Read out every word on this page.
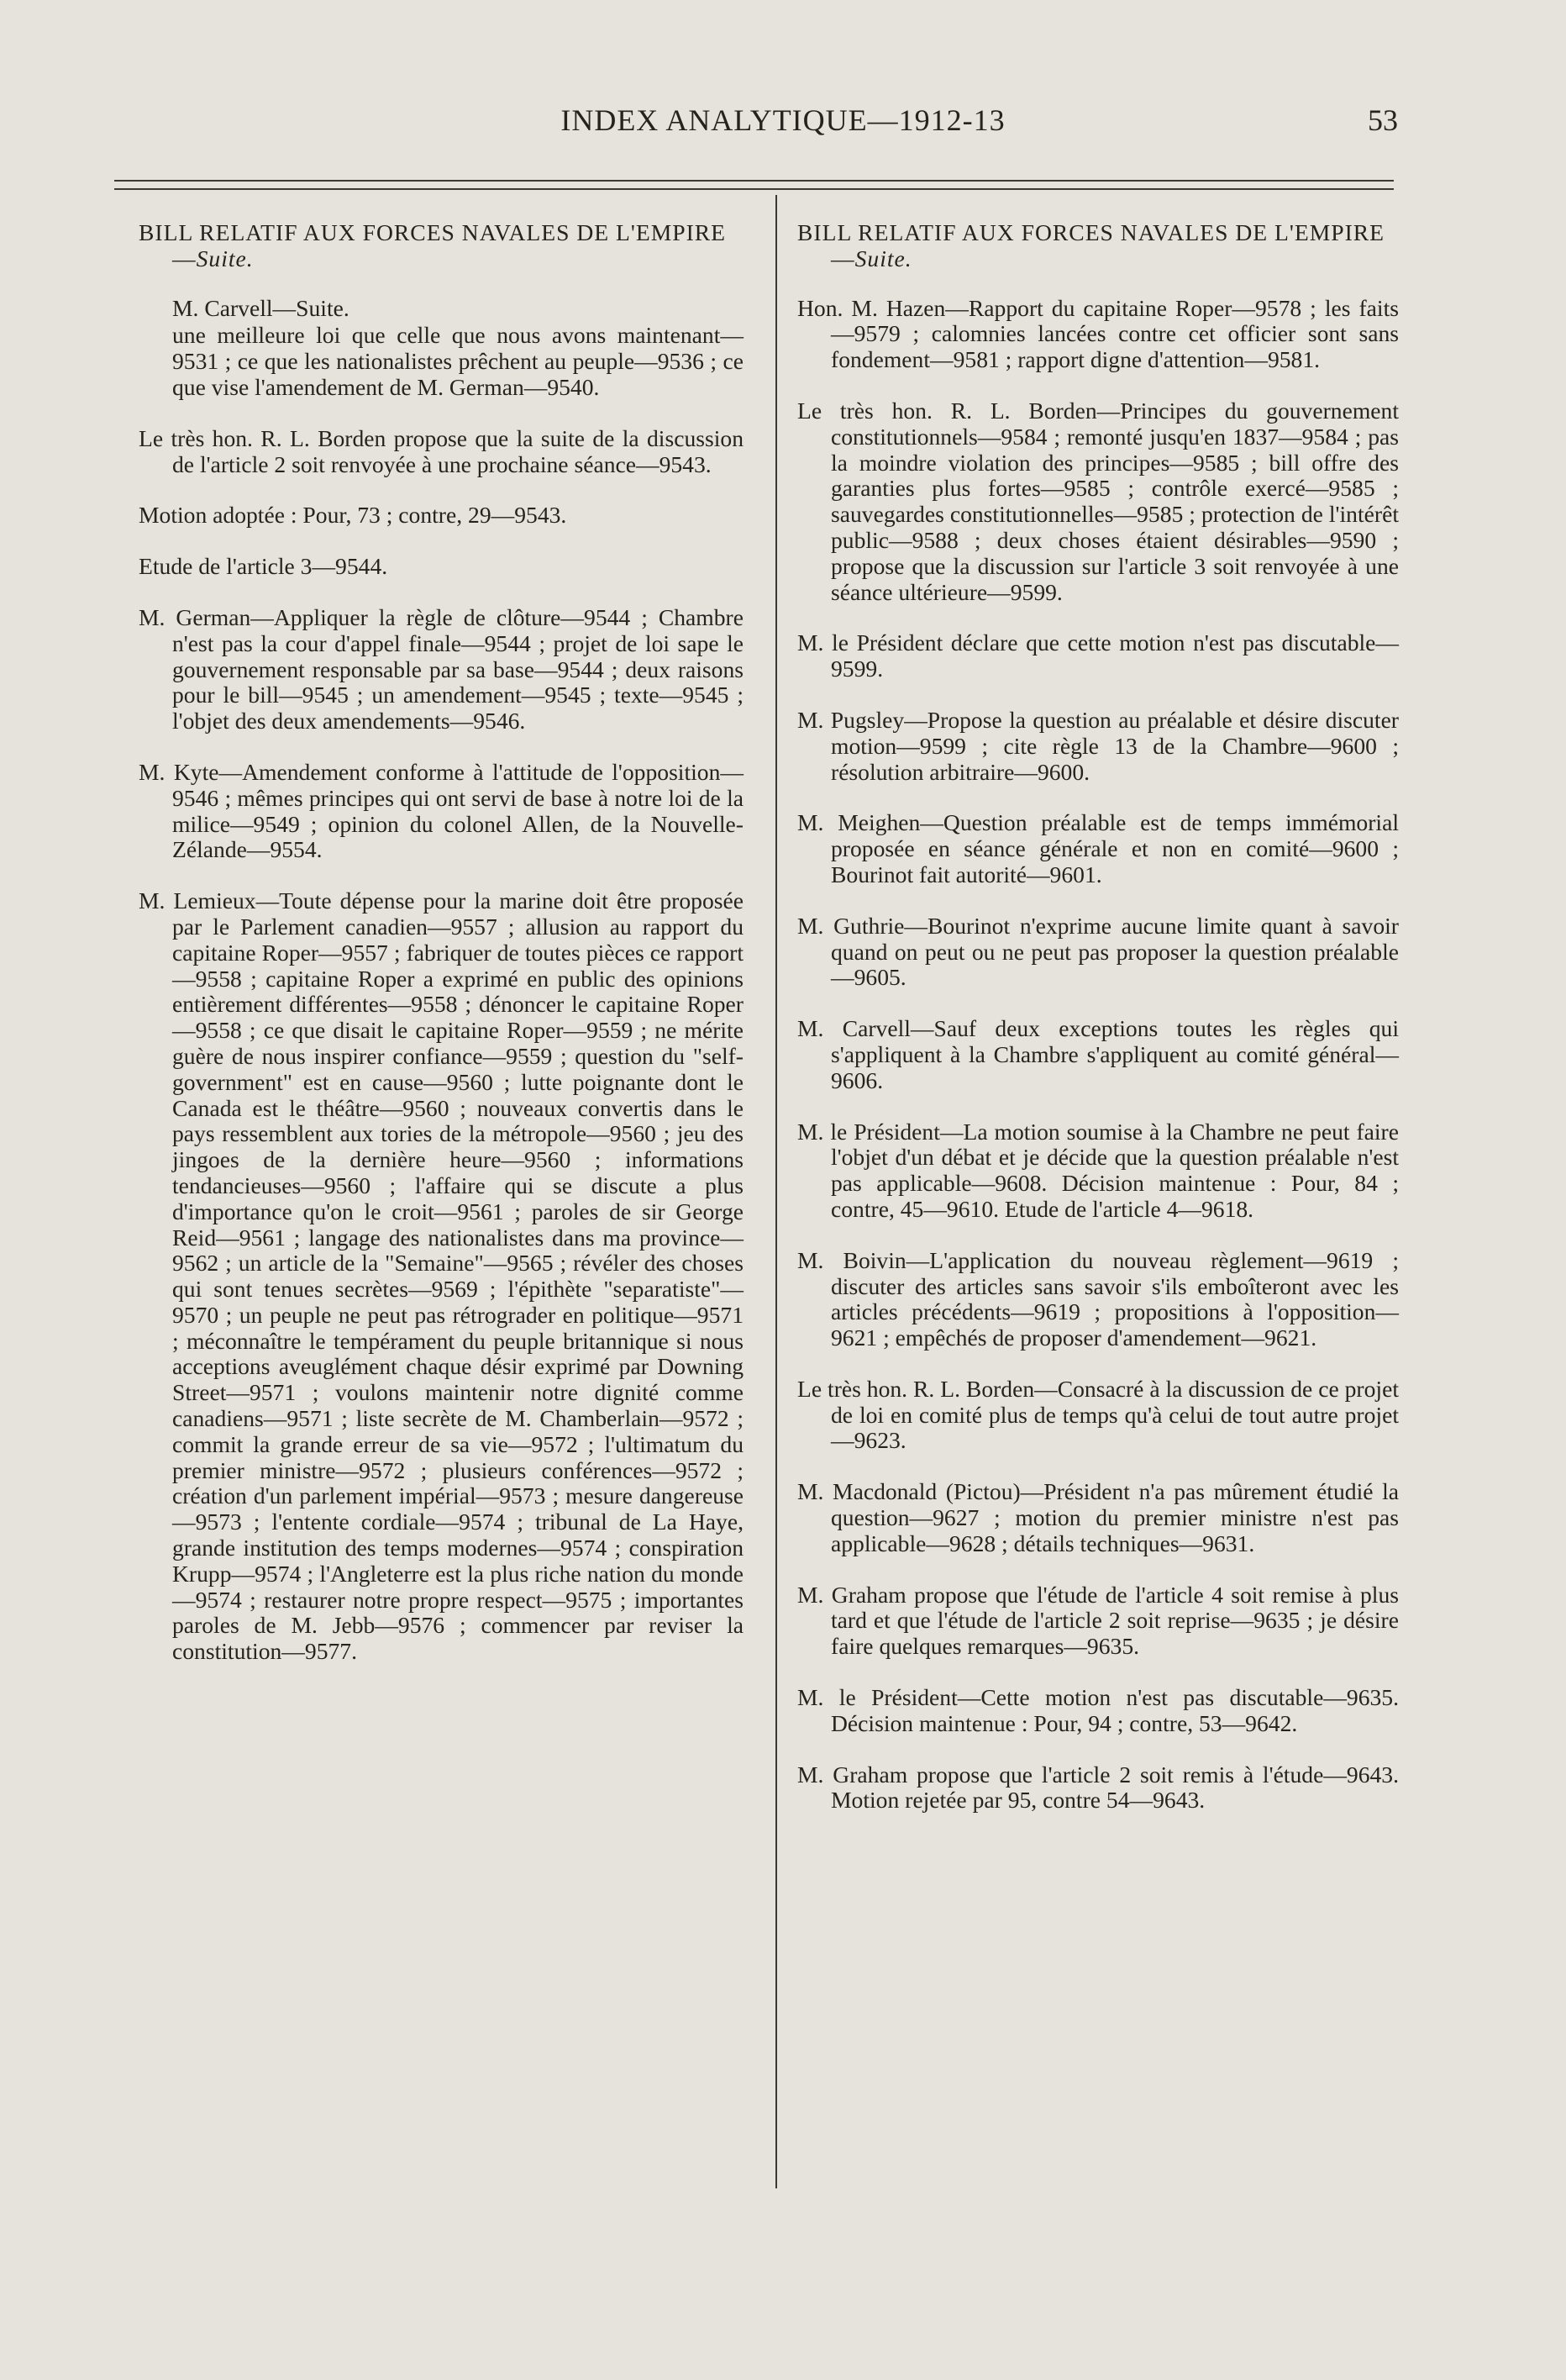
INDEX ANALYTIQUE—1912-13	53
BILL RELATIF AUX FORCES NAVALES DE L'EMPIRE—Suite.
M. Carvell—Suite.
une meilleure loi que celle que nous avons maintenant—9531 ; ce que les nationalistes prêchent au peuple—9536 ; ce que vise l'amendement de M. German—9540.
Le très hon. R. L. Borden propose que la suite de la discussion de l'article 2 soit renvoyée à une prochaine séance—9543.
Motion adoptée : Pour, 73 ; contre, 29—9543.
Etude de l'article 3—9544.
M. German—Appliquer la règle de clôture—9544 ; Chambre n'est pas la cour d'appel finale—9544 ; projet de loi sape le gouvernement responsable par sa base—9544 ; deux raisons pour le bill—9545 ; un amendement—9545 ; texte—9545 ; l'objet des deux amendements—9546.
M. Kyte—Amendement conforme à l'attitude de l'opposition—9546 ; mêmes principes qui ont servi de base à notre loi de la milice—9549 ; opinion du colonel Allen, de la Nouvelle-Zélande—9554.
M. Lemieux—Toute dépense pour la marine doit être proposée par le Parlement canadien—9557 ; allusion au rapport du capitaine Roper—9557 ; fabriquer de toutes pièces ce rapport—9558 ; capitaine Roper a exprimé en public des opinions entièrement différentes—9558 ; dénoncer le capitaine Roper—9558 ; ce que disait le capitaine Roper—9559 ; ne mérite guère de nous inspirer confiance—9559 ; question du "self-government" est en cause—9560 ; lutte poignante dont le Canada est le théâtre—9560 ; nouveaux convertis dans le pays ressemblent aux tories de la métropole—9560 ; jeu des jingoes de la dernière heure—9560 ; informations tendancieuses—9560 ; l'affaire qui se discute a plus d'importance qu'on le croit—9561 ; paroles de sir George Reid—9561 ; langage des nationalistes dans ma province—9562 ; un article de la "Semaine"—9565 ; révéler des choses qui sont tenues secrètes—9569 ; l'épithète "separatiste"—9570 ; un peuple ne peut pas rétrograder en politique—9571 ; méconnaître le tempérament du peuple britannique si nous acceptions aveuglément chaque désir exprimé par Downing Street—9571 ; voulons maintenir notre dignité comme canadiens—9571 ; liste secrète de M. Chamberlain—9572 ; commit la grande erreur de sa vie—9572 ; l'ultimatum du premier ministre—9572 ; plusieurs conférences—9572 ; création d'un parlement impérial—9573 ; mesure dangereuse—9573 ; l'entente cordiale—9574 ; tribunal de La Haye, grande institution des temps modernes—9574 ; conspiration Krupp—9574 ; l'Angleterre est la plus riche nation du monde—9574 ; restaurer notre propre respect—9575 ; importantes paroles de M. Jebb—9576 ; commencer par reviser la constitution—9577.
BILL RELATIF AUX FORCES NAVALES DE L'EMPIRE—Suite.
Hon. M. Hazen—Rapport du capitaine Roper—9578 ; les faits—9579 ; calomnies lancées contre cet officier sont sans fondement—9581 ; rapport digne d'attention—9581.
Le très hon. R. L. Borden—Principes du gouvernement constitutionnels—9584 ; remonté jusqu'en 1837—9584 ; pas la moindre violation des principes—9585 ; bill offre des garanties plus fortes—9585 ; contrôle exercé—9585 ; sauvegardes constitutionnelles—9585 ; protection de l'intérêt public—9588 ; deux choses étaient désirables—9590 ; propose que la discussion sur l'article 3 soit renvoyée à une séance ultérieure—9599.
M. le Président déclare que cette motion n'est pas discutable—9599.
M. Pugsley—Propose la question au préalable et désire discuter motion—9599 ; cite règle 13 de la Chambre—9600 ; résolution arbitraire—9600.
M. Meighen—Question préalable est de temps immémorial proposée en séance générale et non en comité—9600 ; Bourinot fait autorité—9601.
M. Guthrie—Bourinot n'exprime aucune limite quant à savoir quand on peut ou ne peut pas proposer la question préalable—9605.
M. Carvell—Sauf deux exceptions toutes les règles qui s'appliquent à la Chambre s'appliquent au comité général—9606.
M. le Président—La motion soumise à la Chambre ne peut faire l'objet d'un débat et je décide que la question préalable n'est pas applicable—9608. Décision maintenue : Pour, 84 ; contre, 45—9610. Etude de l'article 4—9618.
M. Boivin—L'application du nouveau règlement—9619 ; discuter des articles sans savoir s'ils emboîteront avec les articles précédents—9619 ; propositions à l'opposition—9621 ; empêchés de proposer d'amendement—9621.
Le très hon. R. L. Borden—Consacré à la discussion de ce projet de loi en comité plus de temps qu'à celui de tout autre projet—9623.
M. Macdonald (Pictou)—Président n'a pas mûrement étudié la question—9627 ; motion du premier ministre n'est pas applicable—9628 ; détails techniques—9631.
M. Graham propose que l'étude de l'article 4 soit remise à plus tard et que l'étude de l'article 2 soit reprise—9635 ; je désire faire quelques remarques—9635.
M. le Président—Cette motion n'est pas discutable—9635. Décision maintenue : Pour, 94 ; contre, 53—9642.
M. Graham propose que l'article 2 soit remis à l'étude—9643. Motion rejetée par 95, contre 54—9643.
